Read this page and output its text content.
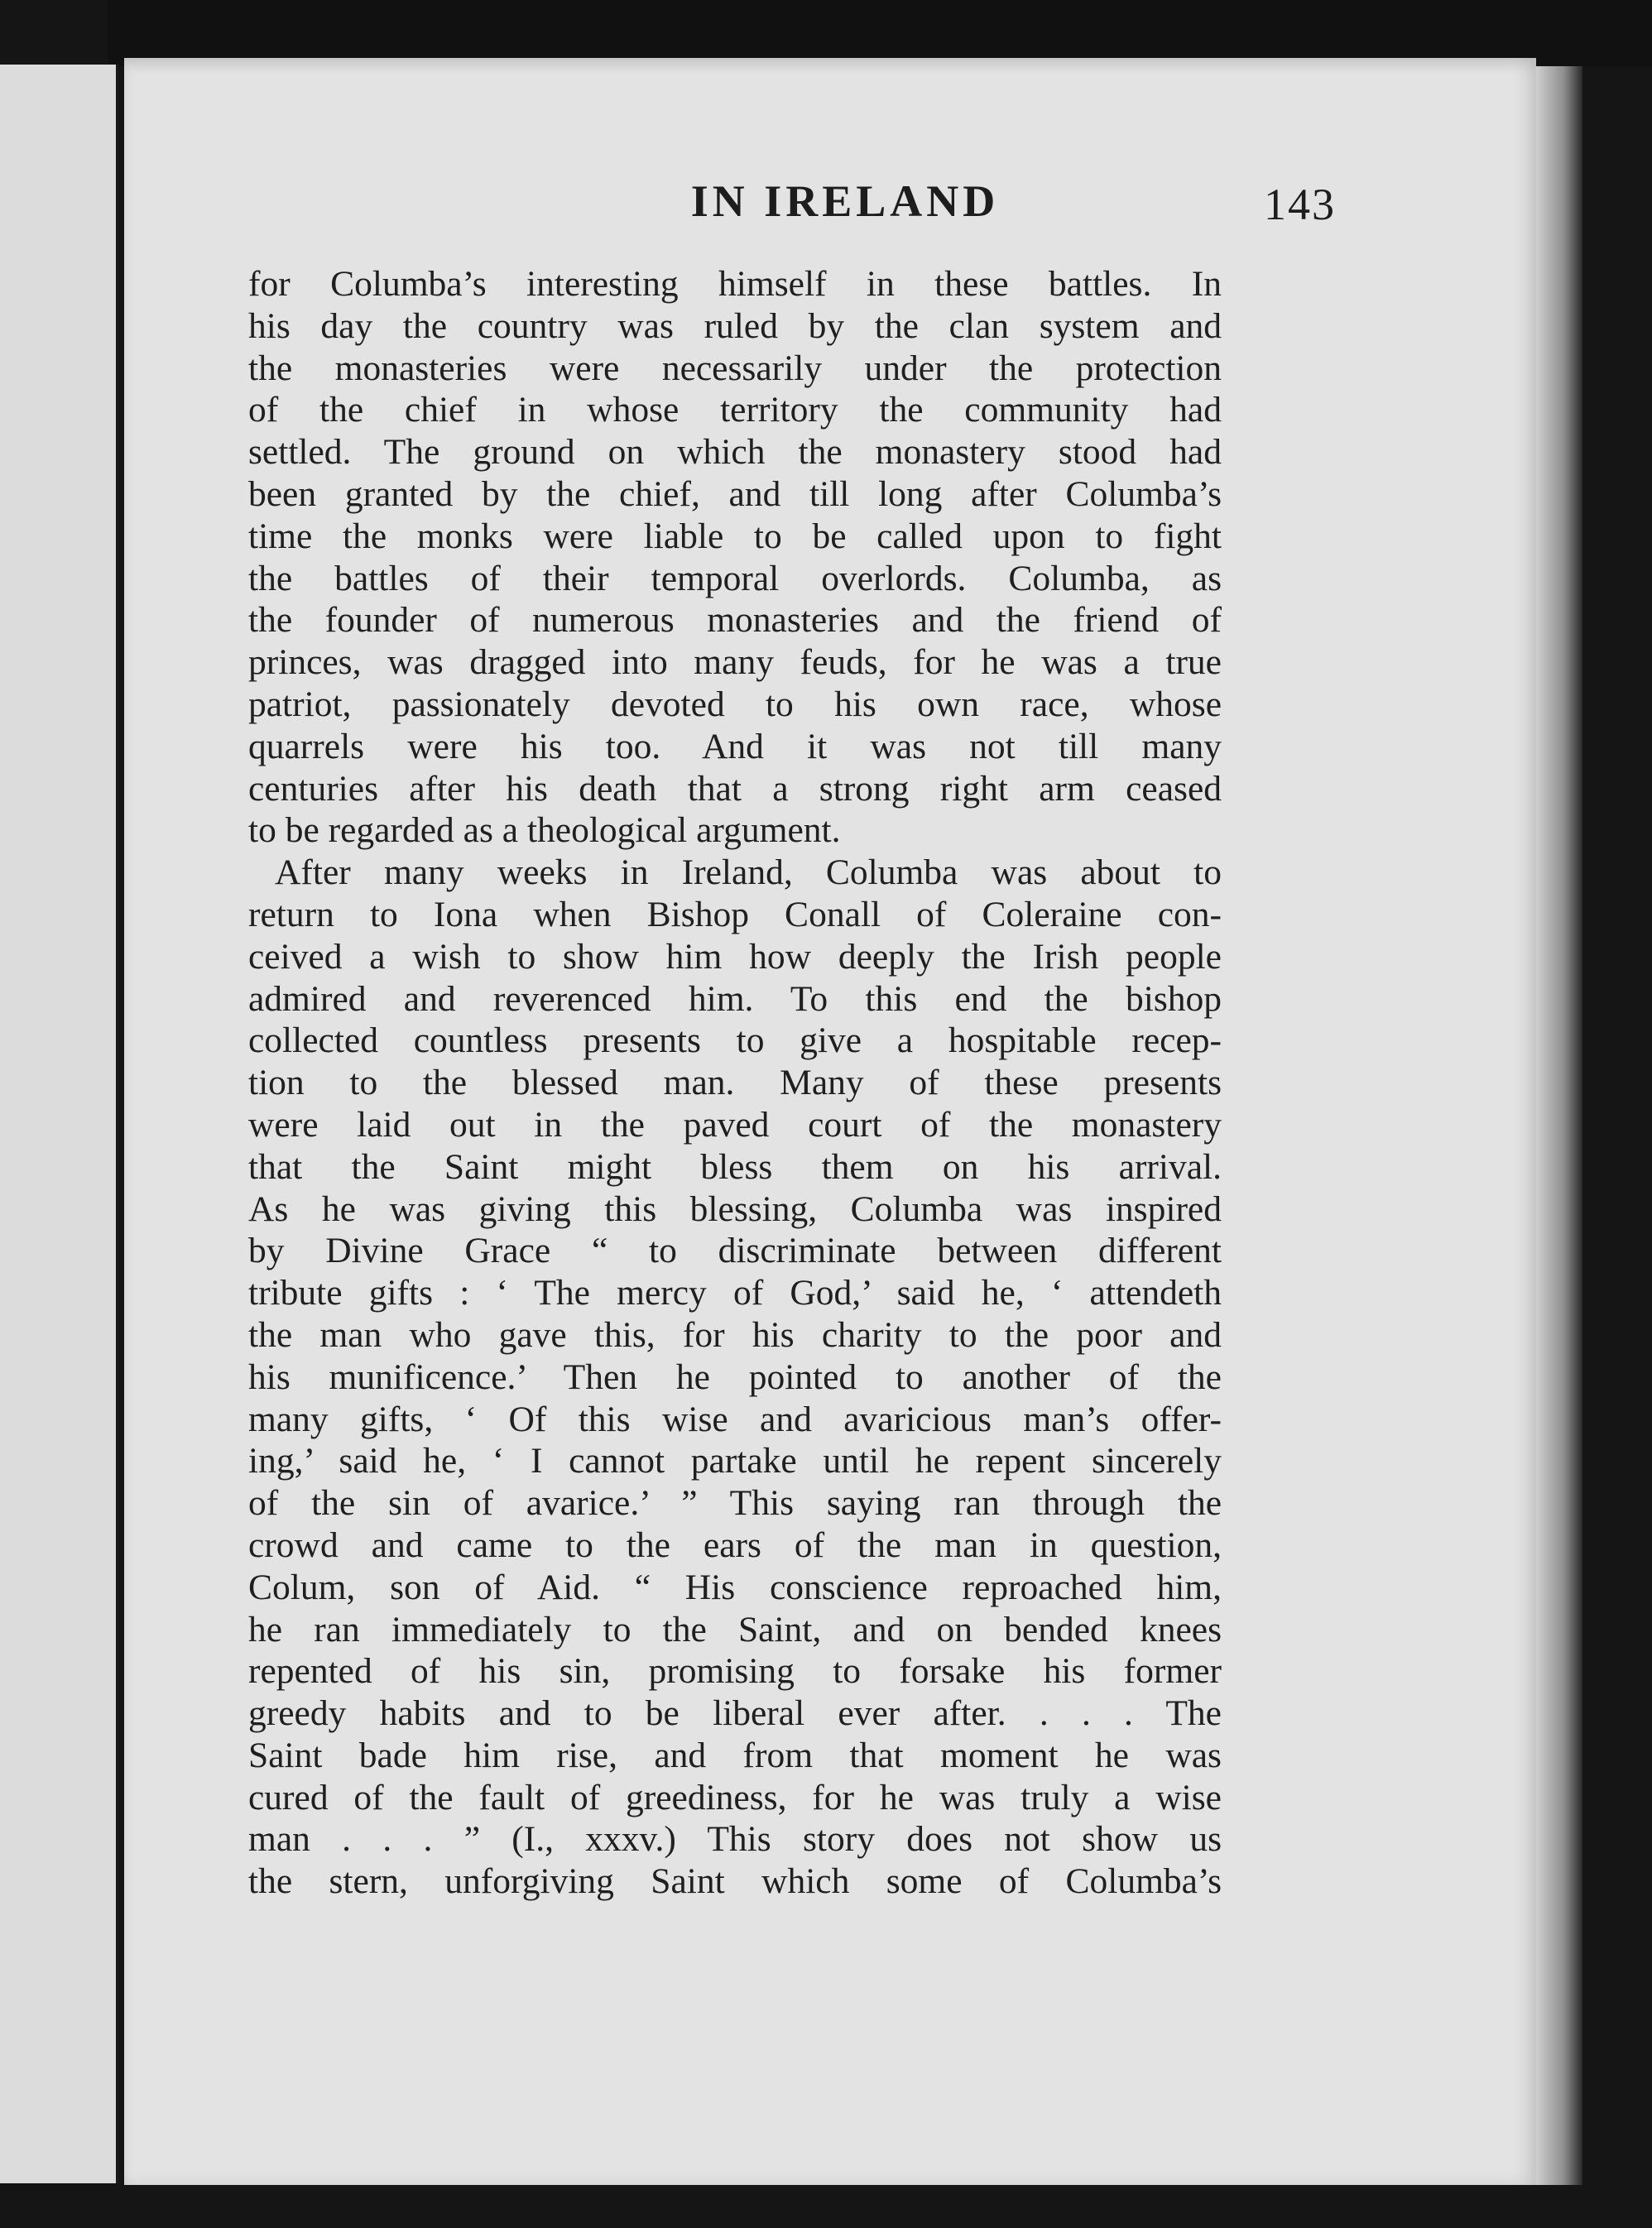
IN IRELAND	143
for Columba’s interesting himself in these battles. In
his day the country was ruled by the clan system and
the monasteries were necessarily under the protection
of the chief in whose territory the community had
settled. The ground on which the monastery stood had
been granted by the chief, and till long after Columba’s
time the monks were liable to be called upon to fight
the battles of their temporal overlords. Columba, as
the founder of numerous monasteries and the friend of
princes, was dragged into many feuds, for he was a true
patriot, passionately devoted to his own race, whose
quarrels were his too. And it was not till many
centuries after his death that a strong right arm ceased
to be regarded as a theological argument.
After many weeks in Ireland, Columba was about to
return to Iona when Bishop Conall of Coleraine con-
ceived a wish to show him how deeply the Irish people
admired and reverenced him. To this end the bishop
collected countless presents to give a hospitable recep-
tion to the blessed man. Many of these presents
were laid out in the paved court of the monastery
that the Saint might bless them on his arrival.
As he was giving this blessing, Columba was inspired
by Divine Grace “ to discriminate between different
tribute gifts : ‘ The mercy of God,’ said he, ‘ attendeth
the man who gave this, for his charity to the poor and
his munificence.’ Then he pointed to another of the
many gifts, ‘ Of this wise and avaricious man’s offer-
ing,’ said he, ‘ I cannot partake until he repent sincerely
of the sin of avarice.’ ” This saying ran through the
crowd and came to the ears of the man in question,
Colum, son of Aid. “ His conscience reproached him,
he ran immediately to the Saint, and on bended knees
repented of his sin, promising to forsake his former
greedy habits and to be liberal ever after. . . . The
Saint bade him rise, and from that moment he was
cured of the fault of greediness, for he was truly a wise
man . . . ” (I., xxxv.) This story does not show us
the stern, unforgiving Saint which some of Columba’s
